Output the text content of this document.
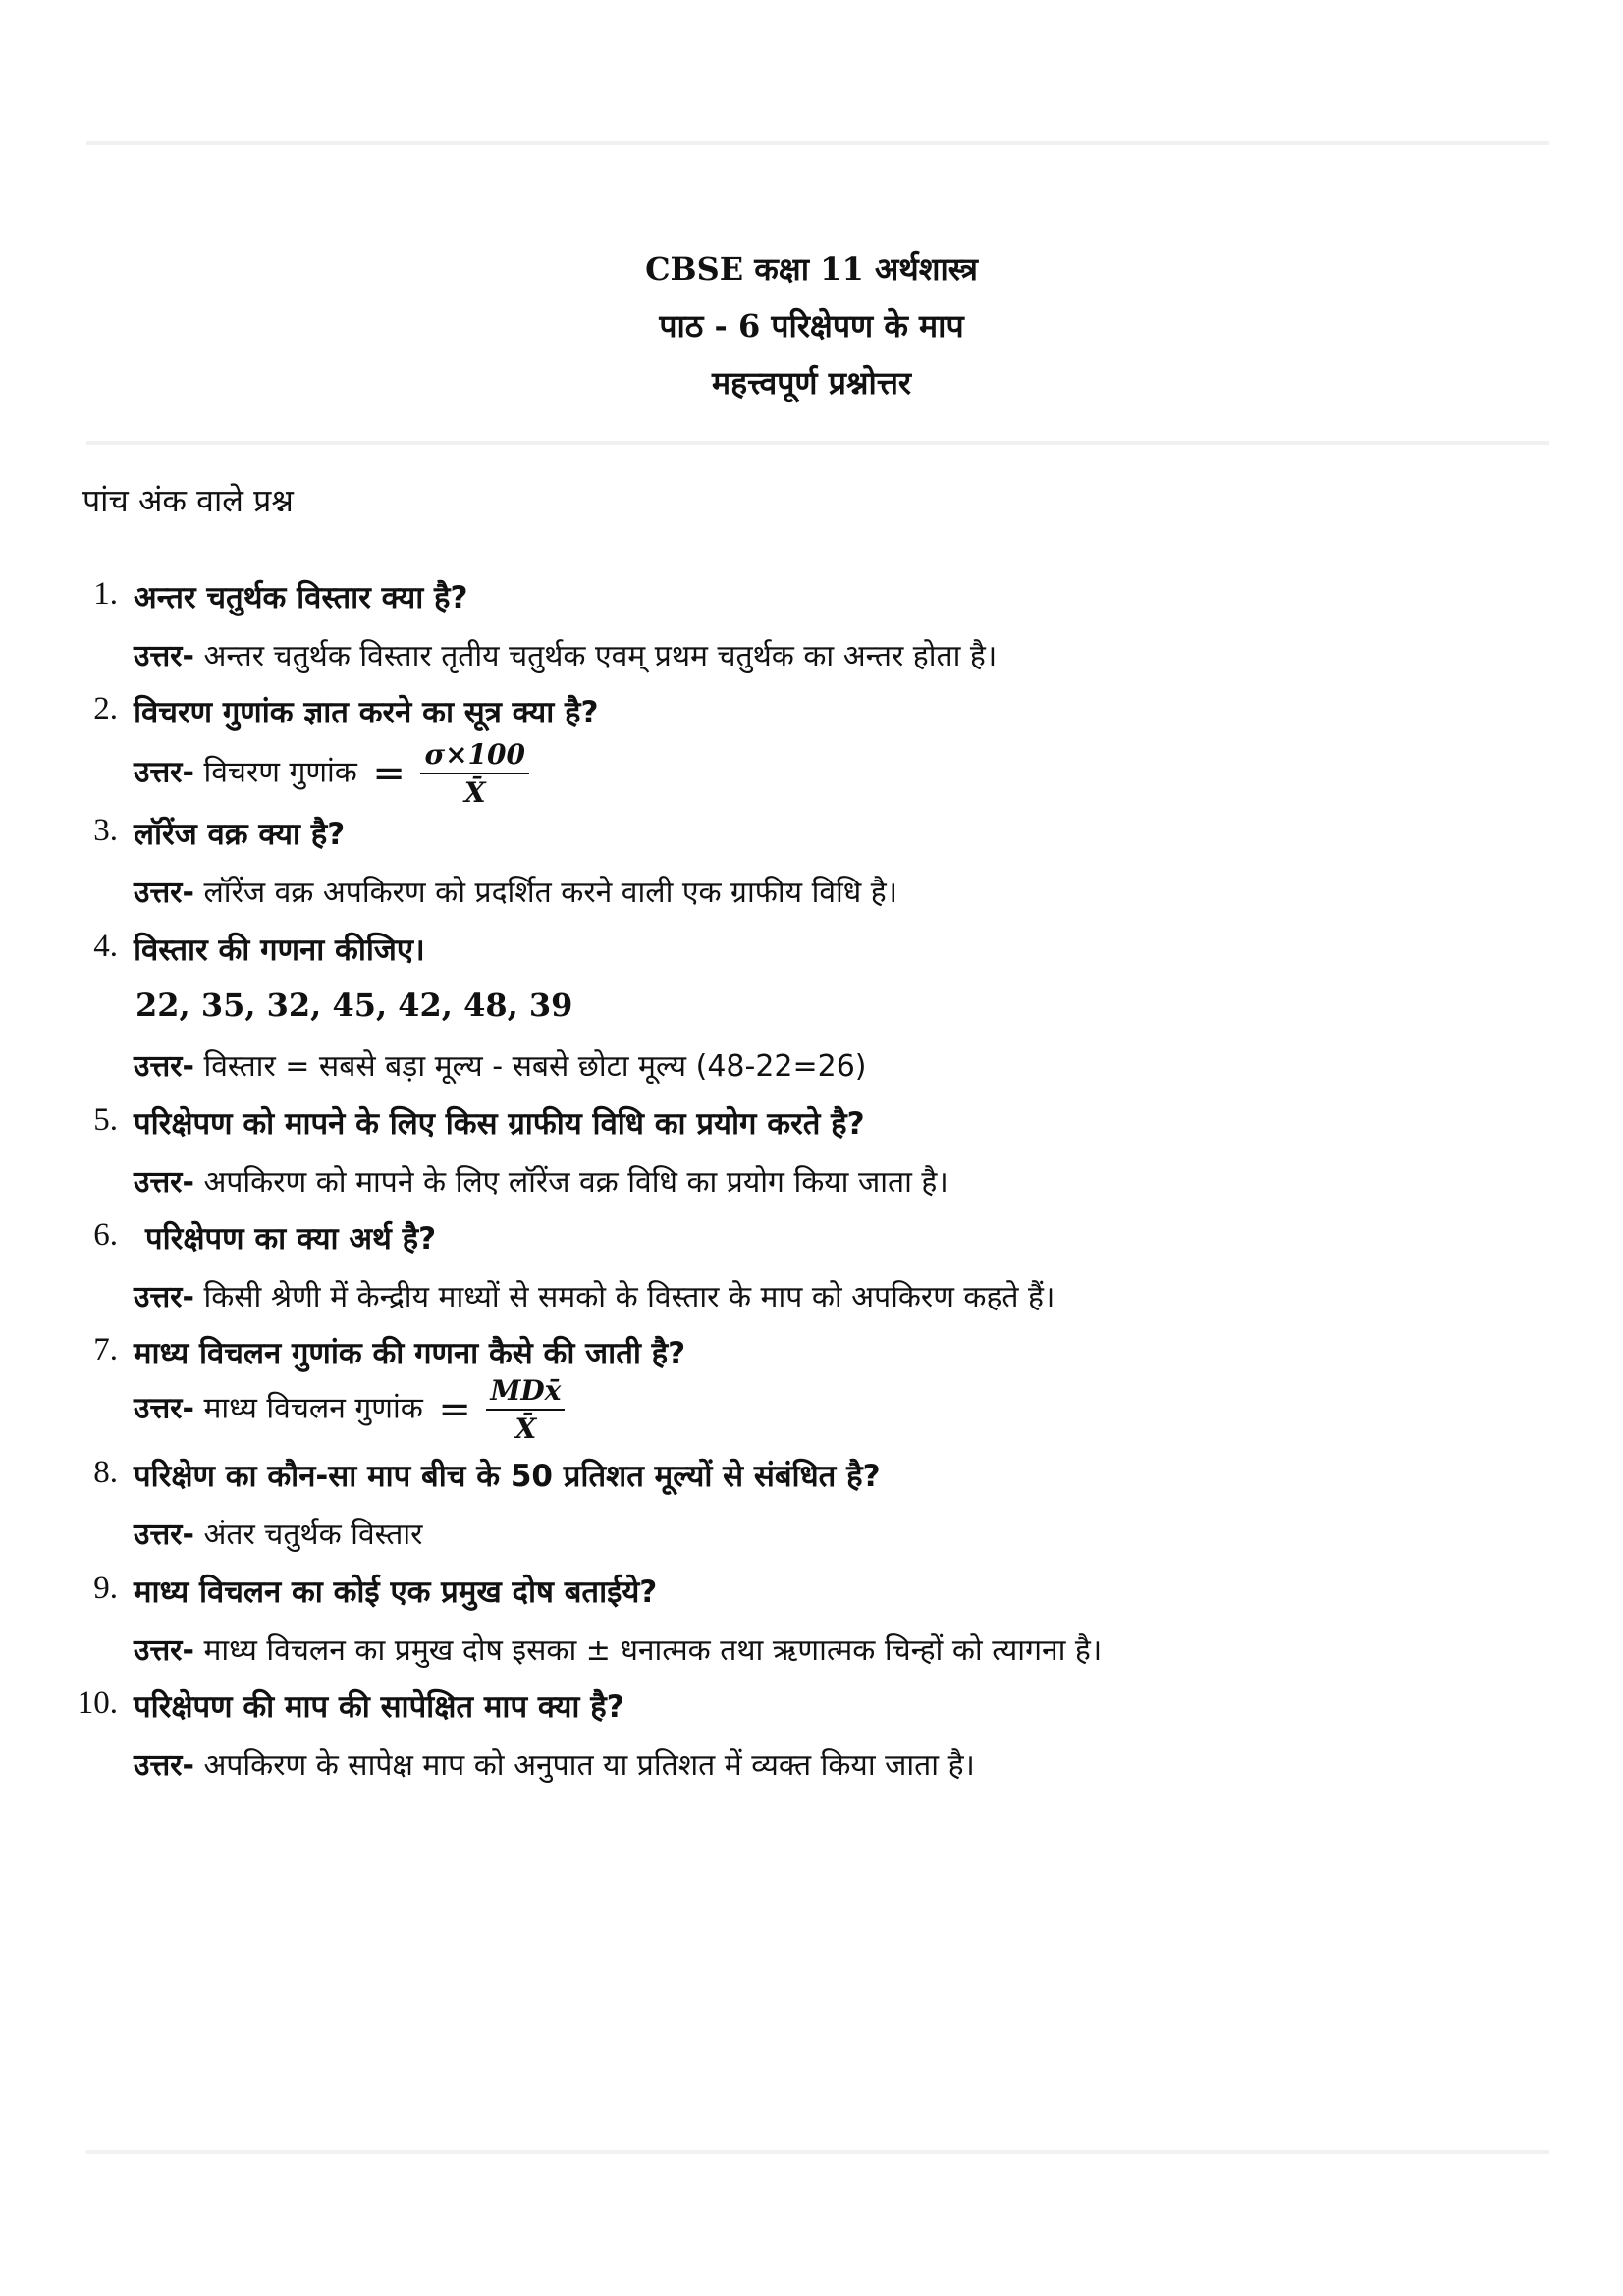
CBSE कक्षा 11 अर्थशास्त्र
पाठ - 6 परिक्षेपण के माप
महत्त्वपूर्ण प्रश्नोत्तर
पांच अंक वाले प्रश्न
1. अन्तर चतुर्थक विस्तार क्या है?
उत्तर- अन्तर चतुर्थक विस्तार तृतीय चतुर्थक एवम् प्रथम चतुर्थक का अन्तर होता है।
2. विचरण गुणांक ज्ञात करने का सूत्र क्या है?
उत्तर- विचरण गुणांक = $\frac{\sigma\times 100}{X̄}$
3. लॉरेंज वक्र क्या है?
उत्तर- लॉरेंज वक्र अपकिरण को प्रदर्शित करने वाली एक ग्राफीय विधि है।
4. विस्तार की गणना कीजिए।
22, 35, 32, 45, 42, 48, 39
उत्तर- विस्तार = सबसे बड़ा मूल्य - सबसे छोटा मूल्य (48-22=26)
5. परिक्षेपण को मापने के लिए किस ग्राफीय विधि का प्रयोग करते है?
उत्तर- अपकिरण को मापने के लिए लॉरेंज वक्र विधि का प्रयोग किया जाता है।
6. परिक्षेपण का क्या अर्थ है?
उत्तर- किसी श्रेणी में केन्द्रीय माध्यों से समको के विस्तार के माप को अपकिरण कहते हैं।
7. माध्य विचलन गुणांक की गणना कैसे की जाती है?
उत्तर- माध्य विचलन गुणांक = $\frac{\text{MDx̄}}{X̄}$
8. परिक्षेण का कौन-सा माप बीच के 50 प्रतिशत मूल्यों से संबंधित है?
उत्तर- अंतर चतुर्थक विस्तार
9. माध्य विचलन का कोई एक प्रमुख दोष बताईये?
उत्तर- माध्य विचलन का प्रमुख दोष इसका ± धनात्मक तथा ऋणात्मक चिन्हों को त्यागना है।
10. परिक्षेपण की माप की सापेक्षित माप क्या है?
उत्तर- अपकिरण के सापेक्ष माप को अनुपात या प्रतिशत में व्यक्त किया जाता है।
